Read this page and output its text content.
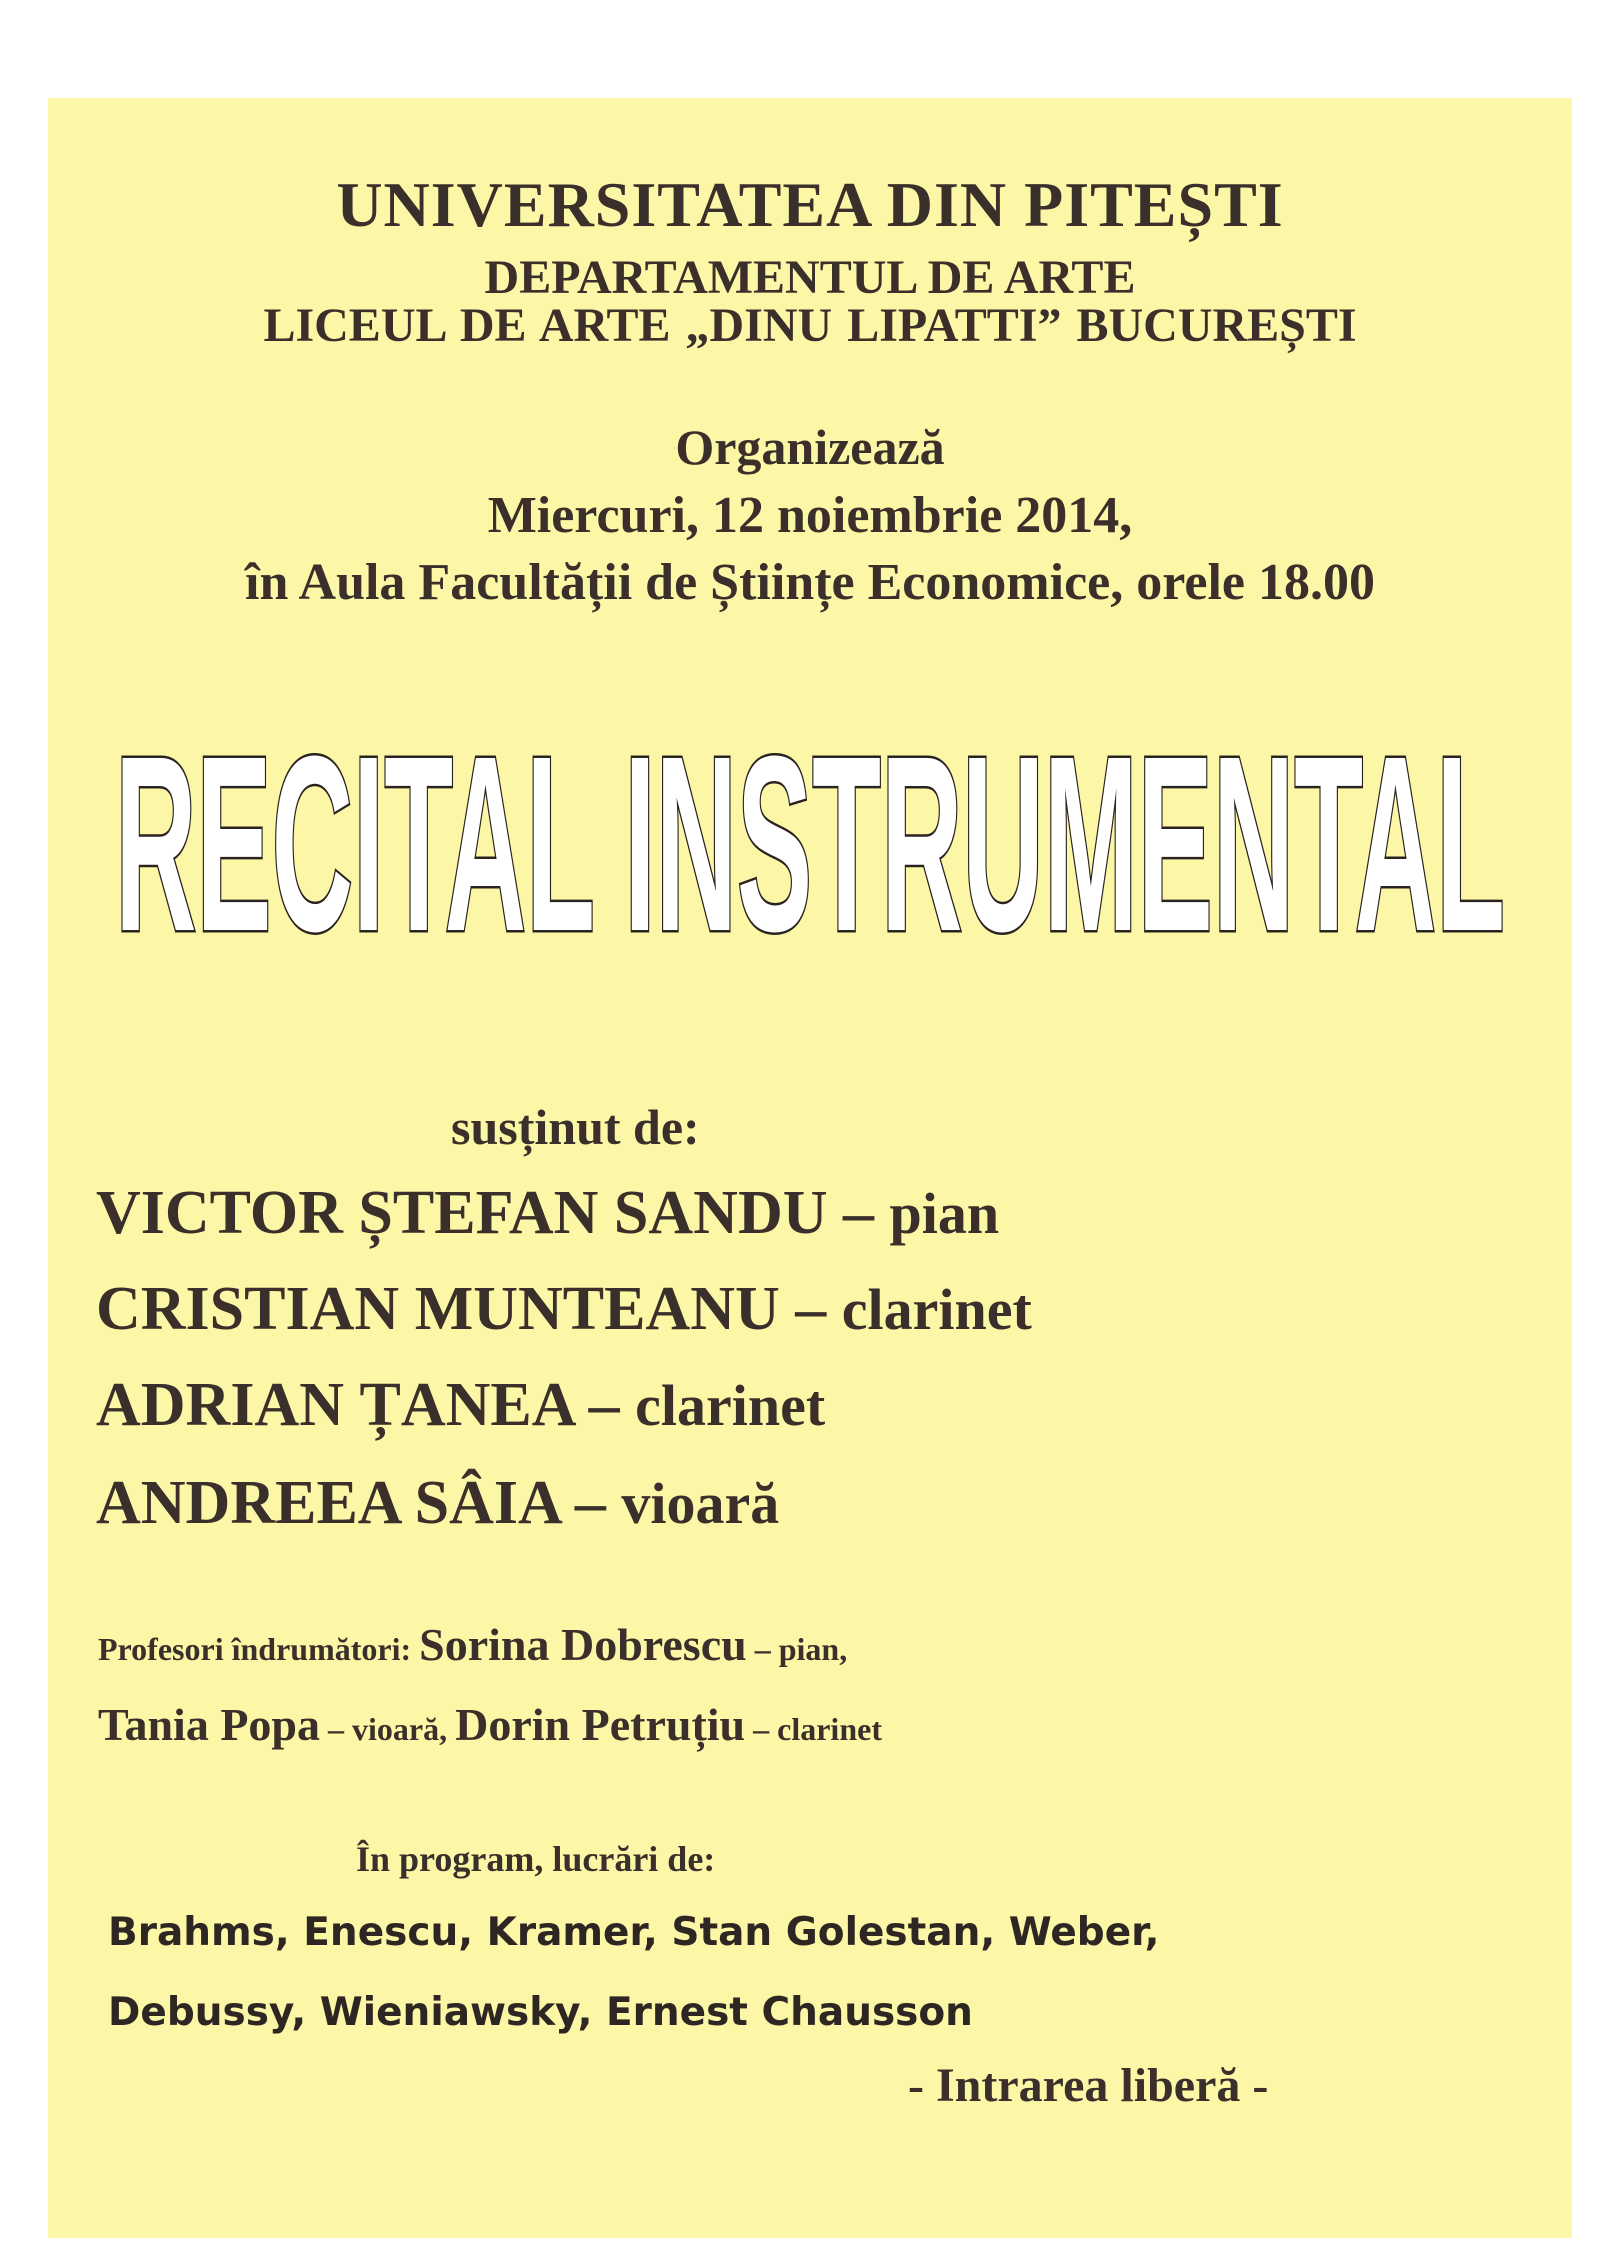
UNIVERSITATEA DIN PITEȘTI
DEPARTAMENTUL DE ARTE
LICEUL DE ARTE „DINU LIPATTI” BUCUREȘTI
Organizează
Miercuri, 12 noiembrie 2014,
în Aula Facultății de Științe Economice, orele 18.00
RECITAL INSTRUMENTAL
susținut de:
VICTOR ȘTEFAN SANDU – pian
CRISTIAN MUNTEANU – clarinet
ADRIAN ȚANEA – clarinet
ANDREEA SÂIA – vioară
Profesori îndrumători: Sorina Dobrescu – pian,
Tania Popa – vioară, Dorin Petruțiu – clarinet
În program, lucrări de:
Brahms, Enescu, Kramer, Stan Golestan, Weber,
Debussy, Wieniawsky, Ernest Chausson
- Intrarea liberă -
